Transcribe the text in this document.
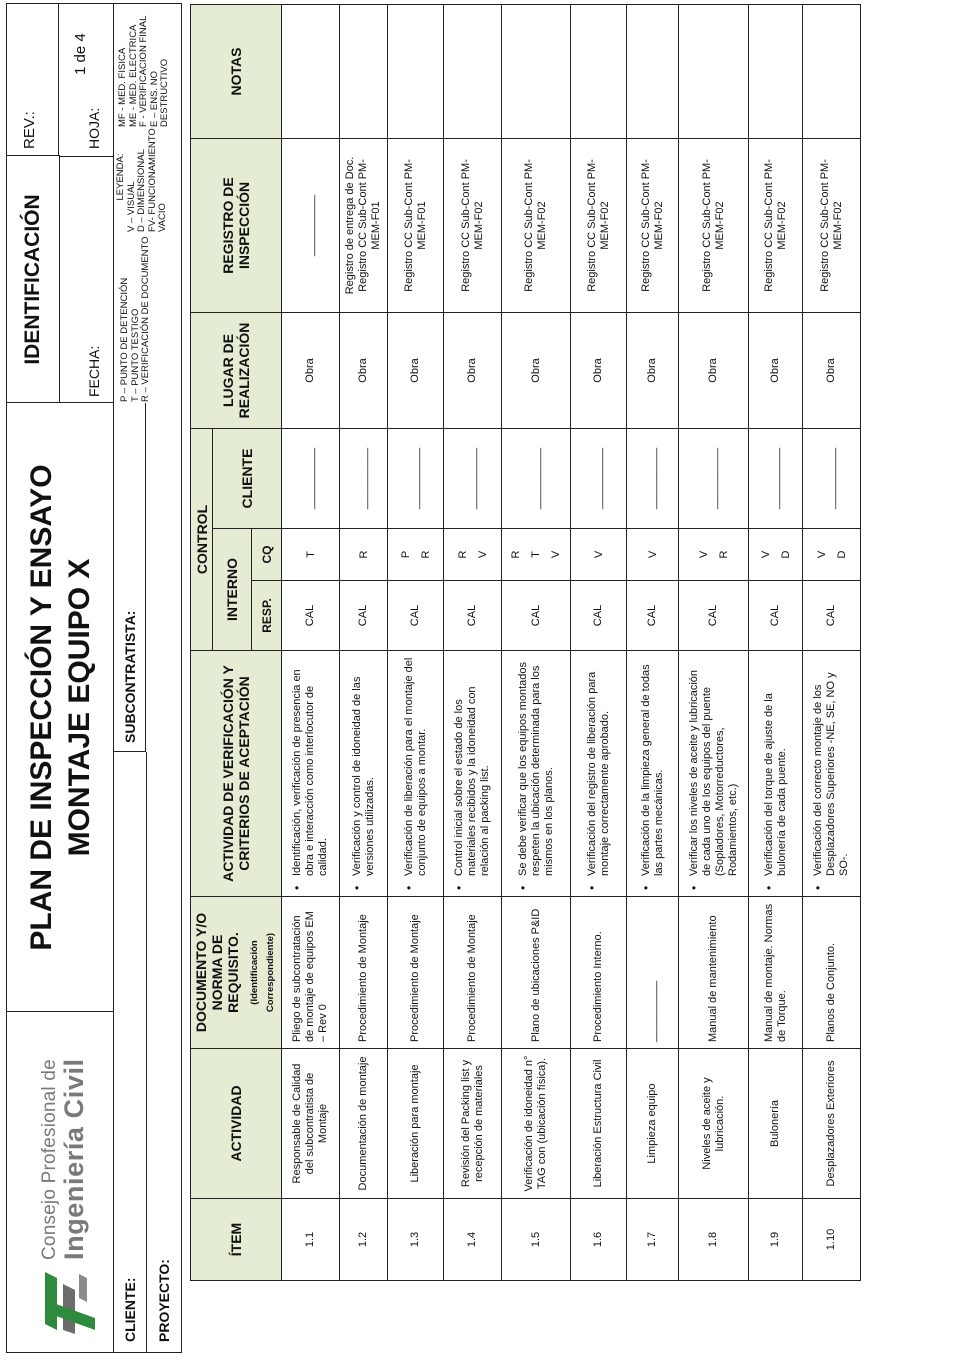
Consejo Profesional de Ingeniería Civil
PLAN DE INSPECCIÓN Y ENSAYO MONTAJE EQUIPO X
IDENTIFICACIÓN
REV.:
FECHA:
HOJA:
1 de 4
CLIENTE:
SUBCONTRATISTA:
PROYECTO:
P – PUNTO DE DETENCIÓN T – PUNTO TESTIGO R – VERIFICACIÓN DE DOCUMENTO
LEYENDA:
V – VISUAL D – DIMENSIONAL FV- FUNCIONAMIENTO VACIO
MF - MED. FISICA ME - MED. ELECTRICA F - VERIFICACION FINAL E – ENS. NO DESTRUCTIVO
ÍTEM	ACTIVIDAD	DOCUMENTO Y/O NORMA DE REQUISITO. (Identificación Correspondiente)	ACTIVIDAD DE VERIFICACIÓN Y CRITERIOS DE ACEPTACIÓN	CONTROL			LUGAR DE REALIZACIÓN	REGISTRO DE INSPECCIÓN	NOTAS
				INTERNO		CLIENTE			
				RESP.	CQ				
1.1	Responsable de Calidad del subcontratista de Montaje	Pliego de subcontratación de montaje de equipos EM – Rev 0	• Identificación, verificación de presencia en obra e interacción como interlocutor de calidad.	CAL	T	__________	Obra	__________	
1.2	Documentación de montaje	Procedimiento de Montaje	• Verificación y control de idoneidad de las versiones utilizadas.	CAL	R	__________	Obra	Registro de entrega de Doc. Registro CC Sub-Cont PM-MEM-F01	
1.3	Liberación para montaje	Procedimiento de Montaje	• Verificación de liberación para el montaje del conjunto de equipos a montar.	CAL	P R	__________	Obra	Registro CC Sub-Cont PM-MEM-F01	
1.4	Revisión del Packing list y recepción de materiales	Procedimiento de Montaje	• Control inicial sobre el estado de los materiales recibidos y la idoneidad con relación al packing list.	CAL	R V	__________	Obra	Registro CC Sub-Cont PM-MEM-F02	
1.5	Verificación de idoneidad n° TAG con (ubicación física).	Plano de ubicaciones P&ID	• Se debe verificar que los equipos montados respeten la ubicación determinada para los mismos en los planos.	CAL	R T V	__________	Obra	Registro CC Sub-Cont PM-MEM-F02	
1.6	Liberación Estructura Civil	Procedimiento Interno.	• Verificación del registro de liberación para montaje correctamente aprobado.	CAL	V	__________	Obra	Registro CC Sub-Cont PM-MEM-F02	
1.7	Limpieza equipo	__________	• Verificación de la limpieza general de todas las partes mecánicas.	CAL	V	__________	Obra	Registro CC Sub-Cont PM-MEM-F02	
1.8	Niveles de aceite y lubricación.	Manual de mantenimiento	• Verificar los niveles de aceite y lubricación de cada uno de los equipos del puente (Sopladores, Motorreductores, Rodamientos, etc.)	CAL	V R	__________	Obra	Registro CC Sub-Cont PM-MEM-F02	
1.9	Bulonería	Manual de montaje. Normas de Torque.	• Verificación del torque de ajuste de la bulonería de cada puente.	CAL	V D	__________	Obra	Registro CC Sub-Cont PM-MEM-F02	
1.10	Desplazadores Exteriores	Planos de Conjunto.	• Verificación del correcto montaje de los Desplazadores Superiores -NE, SE, NO y SO-.	CAL	V D	__________	Obra	Registro CC Sub-Cont PM-MEM-F02	
